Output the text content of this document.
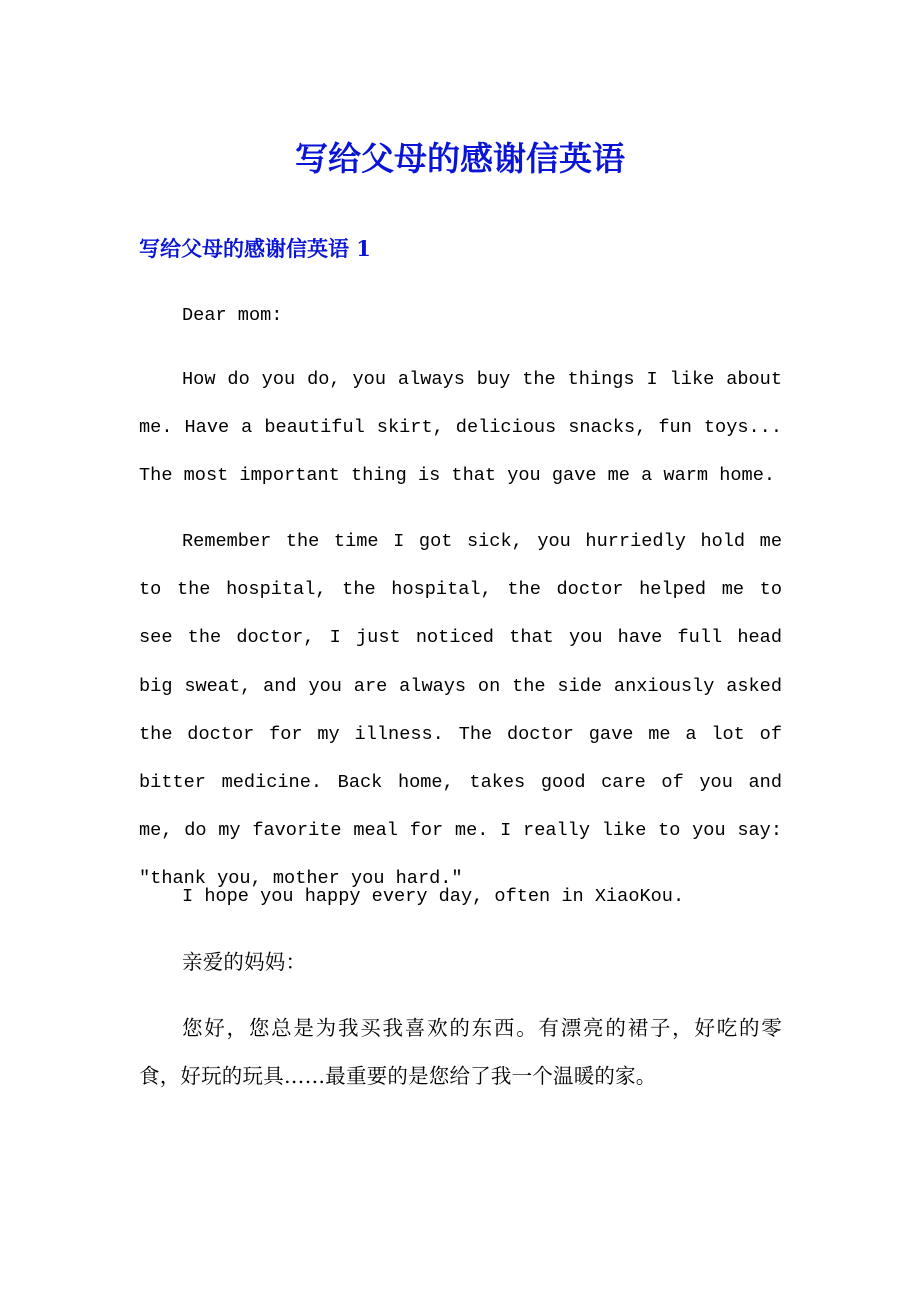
写给父母的感谢信英语
写给父母的感谢信英语 1

Dear mom:

How do you do, you always buy the things I like about me. Have a beautiful skirt, delicious snacks, fun toys... The most important thing is that you gave me a warm home.

Remember the time I got sick, you hurriedly hold me to the hospital, the hospital, the doctor helped me to see the doctor, I just noticed that you have full head big sweat, and you are always on the side anxiously asked the doctor for my illness. The doctor gave me a lot of bitter medicine. Back home, takes good care of you and me, do my favorite meal for me. I really like to you say: "thank you, mother you hard."

I hope you happy every day, often in XiaoKou.

亲爱的妈妈：

您好，您总是为我买我喜欢的东西。有漂亮的裙子，好吃的零食，好玩的玩具……最重要的是您给了我一个温暖的家。
